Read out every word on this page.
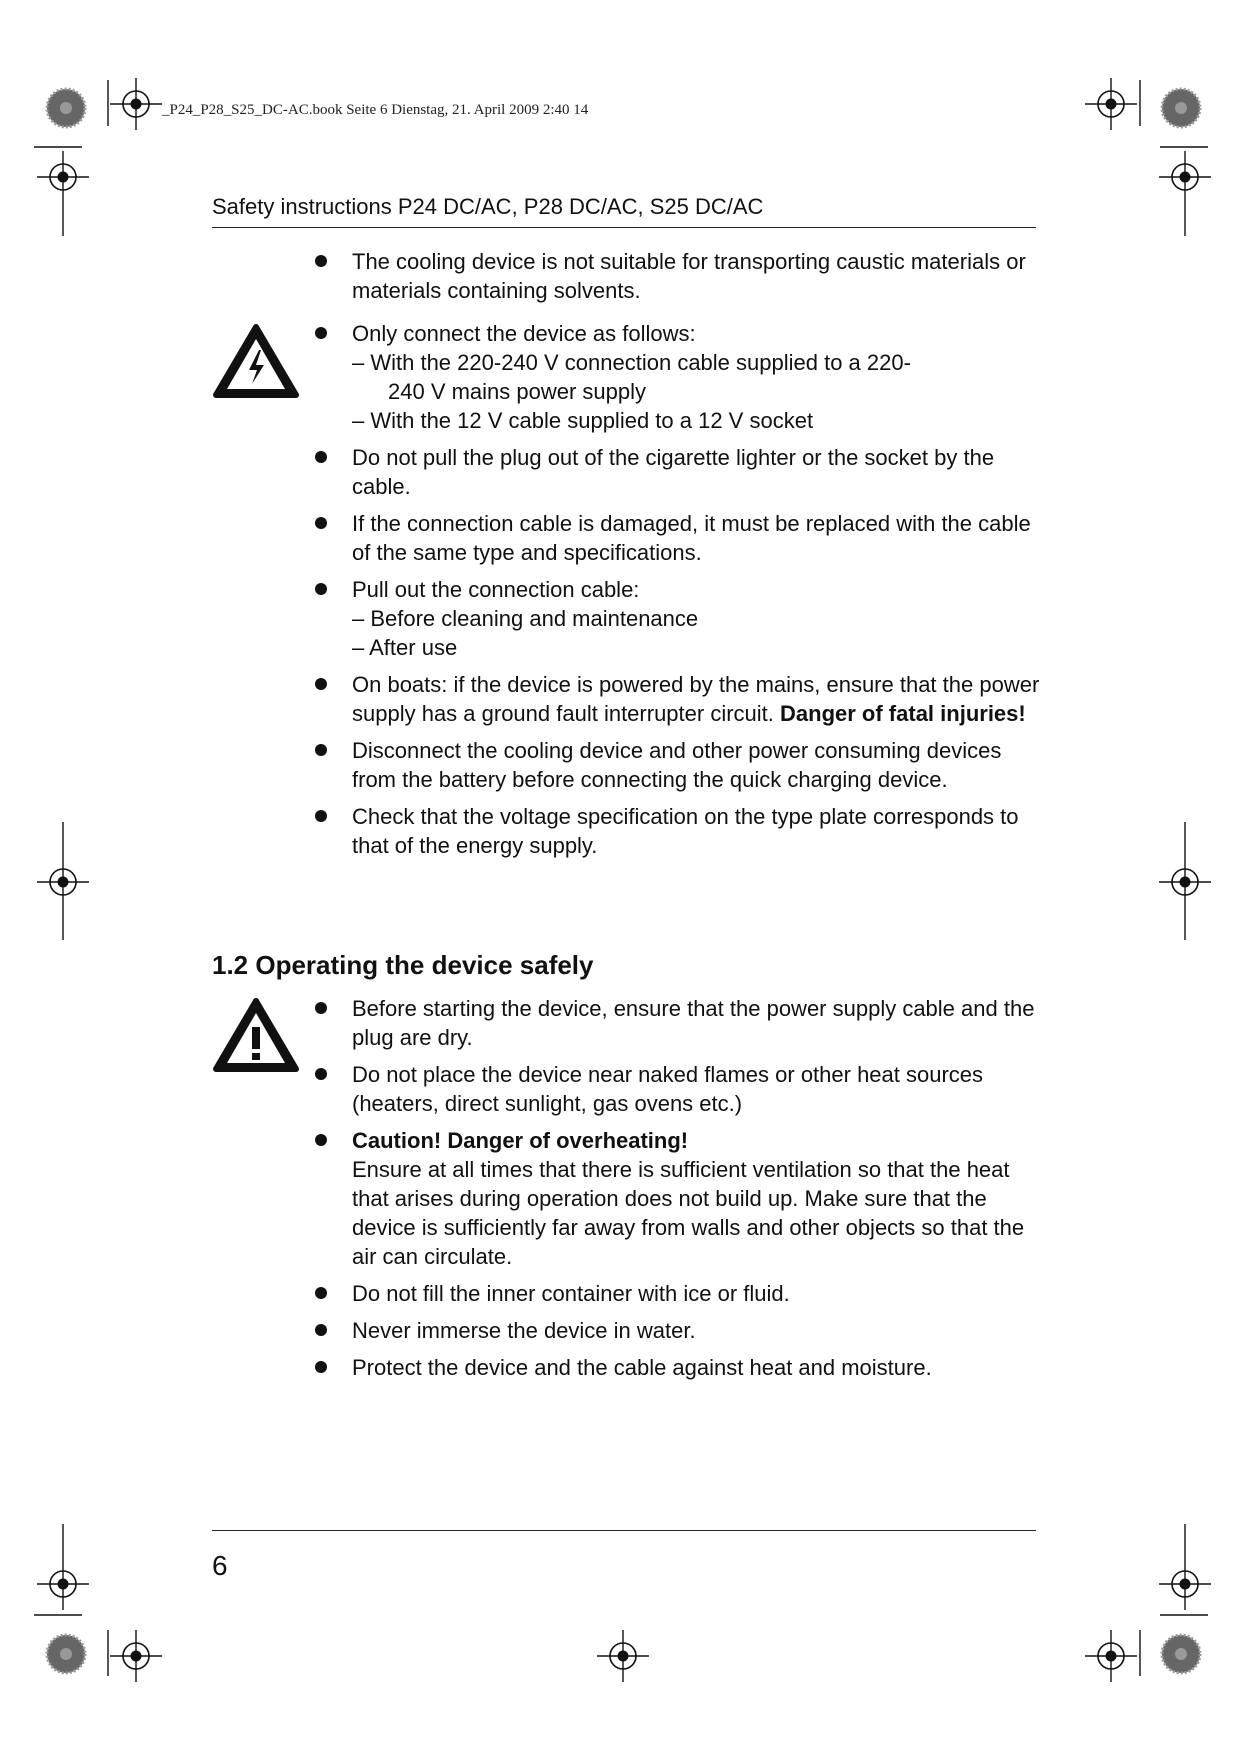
_P24_P28_S25_DC-AC.book Seite 6 Dienstag, 21. April 2009 2:40 14
Safety instructions P24 DC/AC, P28 DC/AC, S25 DC/AC
The cooling device is not suitable for transporting caustic materials or materials containing solvents.
Only connect the device as follows:
– With the 220-240 V connection cable supplied to a 220-
240 V mains power supply
– With the 12 V cable supplied to a 12 V socket
Do not pull the plug out of the cigarette lighter or the socket by the cable.
If the connection cable is damaged, it must be replaced with the cable of the same type and specifications.
Pull out the connection cable:
– Before cleaning and maintenance
– After use
On boats: if the device is powered by the mains, ensure that the power supply has a ground fault interrupter circuit. Danger of fatal injuries!
Disconnect the cooling device and other power consuming devices from the battery before connecting the quick charging device.
Check that the voltage specification on the type plate corresponds to that of the energy supply.
1.2 Operating the device safely
Before starting the device, ensure that the power supply cable and the plug are dry.
Do not place the device near naked flames or other heat sources (heaters, direct sunlight, gas ovens etc.)
Caution! Danger of overheating!
Ensure at all times that there is sufficient ventilation so that the heat that arises during operation does not build up. Make sure that the device is sufficiently far away from walls and other objects so that the air can circulate.
Do not fill the inner container with ice or fluid.
Never immerse the device in water.
Protect the device and the cable against heat and moisture.
6
